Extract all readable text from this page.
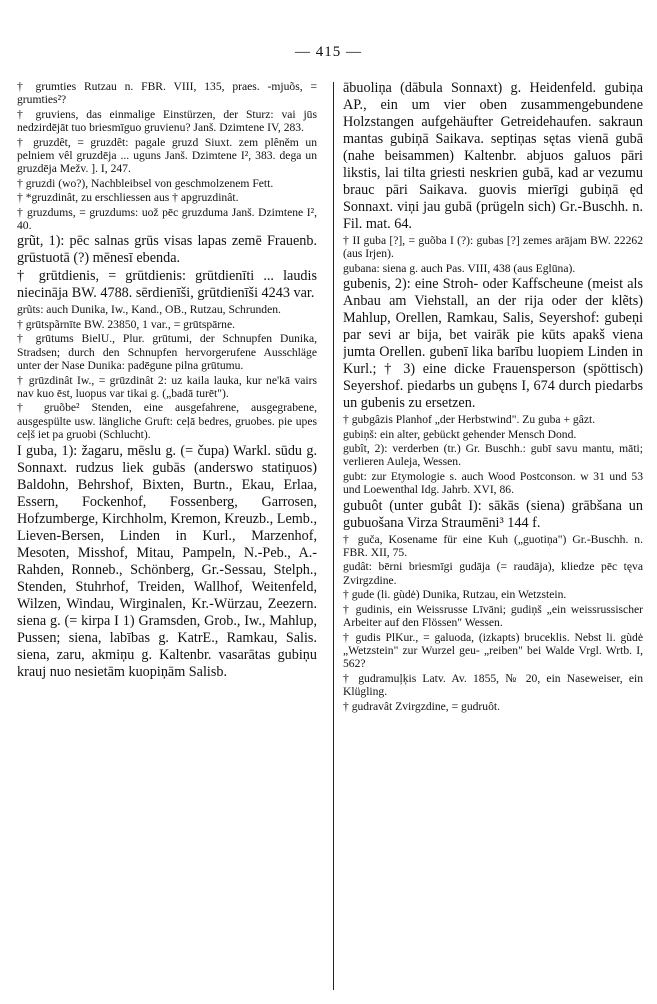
— 415 —

† grumties Rutzau n. FBR. VIII, 135, praes. -mjuõs, = grumties²?

† gruviens, das einmalige Einstürzen, der Sturz: vai jūs nedzirdējāt tuo briesmīguo gruvienu? Janš. Dzimtene IV, 283.

† gruzdêt, = gruzdêt: pagale gruzd Siuxt. zem plêněm un pelniem vêl gruzdēja ... uguns Janš. Dzimtene I², 383. dega un gruzdēja Mežv. ]. I, 247.

† gruzdi (wo?), Nachbleibsel von geschmolzenem Fett.

† *gruzdinât, zu erschliessen aus † apgruzdinât.

† gruzdums, = gruzdums: uož pēc gruzduma Janš. Dzimtene I², 40.

grũt, 1): pēc salnas grūs visas lapas zemē Frauenb. grūstuotā (?) mēnesī ebenda.

† grūtdienis, = grūtdienis: grūtdienīti ... laudis niecināja BW. 4788. sērdienīši, grūtdienīši 4243 var.

grũts: auch Dunika, Iw., Kand., OB., Rutzau, Schrunden.

† grūtspãrnīte BW. 23850, 1 var., = grūtspārne.

† grūtums BielU., Plur. grūtumi, der Schnupfen Dunika, Stradsen; durch den Schnupfen hervorgerufene Ausschläge unter der Nase Dunika: padēgune pilna grūtumu.

† grūzdinât Iw., = grūzdinât 2: uz kaila lauka, kur ne'kā vairs nav kuo ēst, luopus var tikai g. („badā turēt").

† gruõbe² Stenden, eine ausgefahrene, ausgegrabene, ausgespülte usw. längliche Gruft: ceļā bedres, gruobes. pie upes ceļš iet pa gruobi (Schlucht).

I guba, 1): žagaru, mēslu g. (= čupa) Warkl. sūdu g. Sonnaxt. rudzus liek gubās (anderswo statiņuos) Baldohn, Behrshof, Bixten, Burtn., Ekau, Erlaa, Essern, Fockenhof, Fossenberg, Garrosen, Hofzumberge, Kirchholm, Kremon, Kreuzb., Lemb., Lieven-Bersen, Linden in Kurl., Marzenhof, Mesoten, Misshof, Mitau, Pampeln, N.-Peb., A.-Rahden, Ronneb., Schönberg, Gr.-Sessau, Stelph., Stenden, Stuhrhof, Treiden, Wallhof, Weitenfeld, Wilzen, Windau, Wirginalen, Kr.-Würzau, Zeezern. siena g. (= kirpa I 1) Gramsden, Grob., Iw., Mahlup, Pussen; siena, labības g. KatrE., Ramkau, Salis. siena, zaru, akmiņu g. Kaltenbr. vasarātas gubiņu krauj nuo nesietām kuopiņām Salisb.

ābuoliņa (dābula Sonnaxt) g. Heidenfeld. gubiņa AP., ein um vier oben zusammengebundene Holzstangen aufgehäufter Getreidehaufen. sakraun mantas gubiņā Saikava. septiņas sętas vienā gubā (nahe beisammen) Kaltenbr. abjuos galuos pāri likstis, lai tilta griesti neskrien gubā, kad ar vezumu brauc pāri Saikava. guovis mierīgi gubiņā ęd Sonnaxt. viņi jau gubā (prügeln sich) Gr.-Buschh. n. Fil. mat. 64.

† II guba [?], = guõba I (?): gubas [?] zemes arājam BW. 22262 (aus Irjen).

gubana: siena g. auch Pas. VIII, 438 (aus Eglūna).

gubenis, 2): eine Stroh- oder Kaffscheune (meist als Anbau am Viehstall, an der rija oder der klẽts) Mahlup, Orellen, Ramkau, Salis, Seyershof: gubeņi par sevi ar bija, bet vairāk pie kūts apakš viena jumta Orellen. gubenī lika barību luopiem Linden in Kurl.; † 3) eine dicke Frauensperson (spöttisch) Seyershof. piedarbs un gubęns I, 674 durch piedarbs un gubenis zu ersetzen.

† gubgâzis Planhof „der Herbstwind". Zu guba + gâzt.

gubiņš: ein alter, gebückt gehender Mensch Dond.

gubît, 2): verderben (tr.) Gr. Buschh.: gubī savu mantu, māti; verlieren Auleja, Wessen.

gubt: zur Etymologie s. auch Wood Postconson. w 31 und 53 und Loewenthal Idg. Jahrb. XVI, 86.

gubuôt (unter gubât I): sākās (siena) grābšana un gubuošana Virza Straumēni³ 144 f.

† guča, Kosename für eine Kuh („guotiņa") Gr.-Buschh. n. FBR. XII, 75.

gudât: bērni briesmīgi gudāja (= raudāja), kliedze pēc tęva Zvirgzdine.

† gude (li. gùdė) Dunika, Rutzau, ein Wetzstein.

† gudinis, ein Weissrusse Līvāni; gudiņš „ein weissrussischer Arbeiter auf den Flössen" Wessen.

† gudis PlKur., = galuoda, (izkapts) bruceklis. Nebst li. gùdė „Wetzstein" zur Wurzel geu- „reiben" bei Walde Vrgl. Wrtb. I, 562?

† gudramuļķis Latv. Av. 1855, № 20, ein Naseweiser, ein Klügling.

† gudravât Zvirgzdine, = gudruôt.
